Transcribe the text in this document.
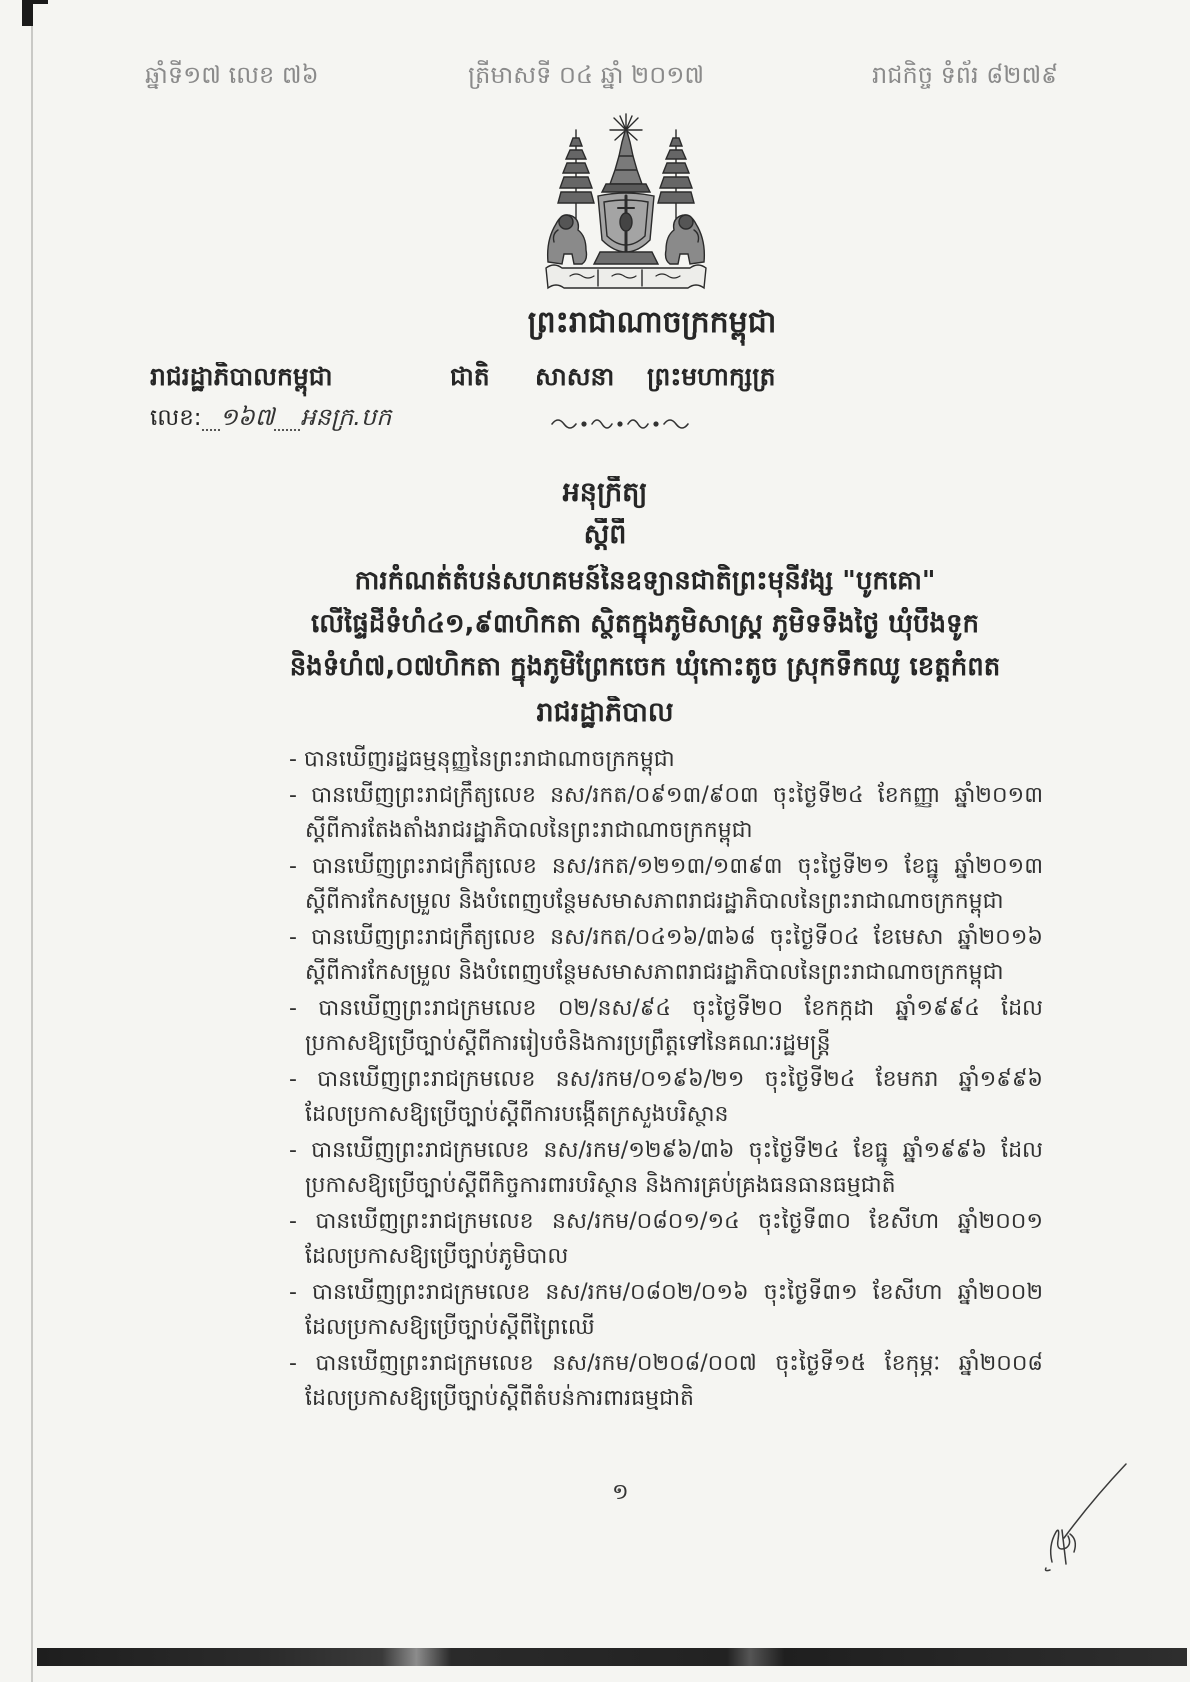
ឆ្នាំទី១៧ លេខ ៧៦	ត្រីមាសទី ០៤ ឆ្នាំ ២០១៧	រាជកិច្ច ទំព័រ ៨២៧៩
ព្រះរាជាណាចក្រកម្ពុជា
រាជរដ្ឋាភិបាលកម្ពុជា	ជាតិ សាសនា ព្រះមហាក្សត្រ
លេខ: ១៦៧ អនក្រ.បក
អនុក្រឹត្យ
ស្តីពី
ការកំណត់តំបន់សហគមន៍នៃឧទ្យានជាតិព្រះមុនីវង្ស "បូកគោ"
លើផ្ទៃដីទំហំ៤១,៩៣ហិកតា ស្ថិតក្នុងភូមិសាស្ត្រ ភូមិទទឹងថ្ងៃ ឃុំបឹងទូក
និងទំហំ៧,០៧ហិកតា ក្នុងភូមិព្រែកចេក ឃុំកោះតូច ស្រុកទឹកឈូ ខេត្តកំពត
រាជរដ្ឋាភិបាល
- បានឃើញរដ្ឋធម្មនុញ្ញនៃព្រះរាជាណាចក្រកម្ពុជា
- បានឃើញព្រះរាជក្រឹត្យលេខ នស/រកត/០៩១៣/៩០៣ ចុះថ្ងៃទី២៤ ខែកញ្ញា ឆ្នាំ២០១៣
ស្តីពីការតែងតាំងរាជរដ្ឋាភិបាលនៃព្រះរាជាណាចក្រកម្ពុជា
- បានឃើញព្រះរាជក្រឹត្យលេខ នស/រកត/១២១៣/១៣៩៣ ចុះថ្ងៃទី២១ ខែធ្នូ ឆ្នាំ២០១៣
ស្តីពីការកែសម្រួល និងបំពេញបន្ថែមសមាសភាពរាជរដ្ឋាភិបាលនៃព្រះរាជាណាចក្រកម្ពុជា
- បានឃើញព្រះរាជក្រឹត្យលេខ នស/រកត/០៤១៦/៣៦៨ ចុះថ្ងៃទី០៤ ខែមេសា ឆ្នាំ២០១៦
ស្តីពីការកែសម្រួល និងបំពេញបន្ថែមសមាសភាពរាជរដ្ឋាភិបាលនៃព្រះរាជាណាចក្រកម្ពុជា
- បានឃើញព្រះរាជក្រមលេខ ០២/នស/៩៤ ចុះថ្ងៃទី២០ ខែកក្កដា ឆ្នាំ១៩៩៤ ដែល
ប្រកាសឱ្យប្រើច្បាប់ស្តីពីការរៀបចំនិងការប្រព្រឹត្តទៅនៃគណៈរដ្ឋមន្ត្រី
- បានឃើញព្រះរាជក្រមលេខ នស/រកម/០១៩៦/២១ ចុះថ្ងៃទី២៤ ខែមករា ឆ្នាំ១៩៩៦
ដែលប្រកាសឱ្យប្រើច្បាប់ស្តីពីការបង្កើតក្រសួងបរិស្ថាន
- បានឃើញព្រះរាជក្រមលេខ នស/រកម/១២៩៦/៣៦ ចុះថ្ងៃទី២៤ ខែធ្នូ ឆ្នាំ១៩៩៦ ដែល
ប្រកាសឱ្យប្រើច្បាប់ស្តីពីកិច្ចការពារបរិស្ថាន និងការគ្រប់គ្រងធនធានធម្មជាតិ
- បានឃើញព្រះរាជក្រមលេខ នស/រកម/០៨០១/១៤ ចុះថ្ងៃទី៣០ ខែសីហា ឆ្នាំ២០០១
ដែលប្រកាសឱ្យប្រើច្បាប់ភូមិបាល
- បានឃើញព្រះរាជក្រមលេខ នស/រកម/០៨០២/០១៦ ចុះថ្ងៃទី៣១ ខែសីហា ឆ្នាំ២០០២
ដែលប្រកាសឱ្យប្រើច្បាប់ស្តីពីព្រៃឈើ
- បានឃើញព្រះរាជក្រមលេខ នស/រកម/០២០៨/០០៧ ចុះថ្ងៃទី១៥ ខែកុម្ភៈ ឆ្នាំ២០០៨
ដែលប្រកាសឱ្យប្រើច្បាប់ស្តីពីតំបន់ការពារធម្មជាតិ
១
